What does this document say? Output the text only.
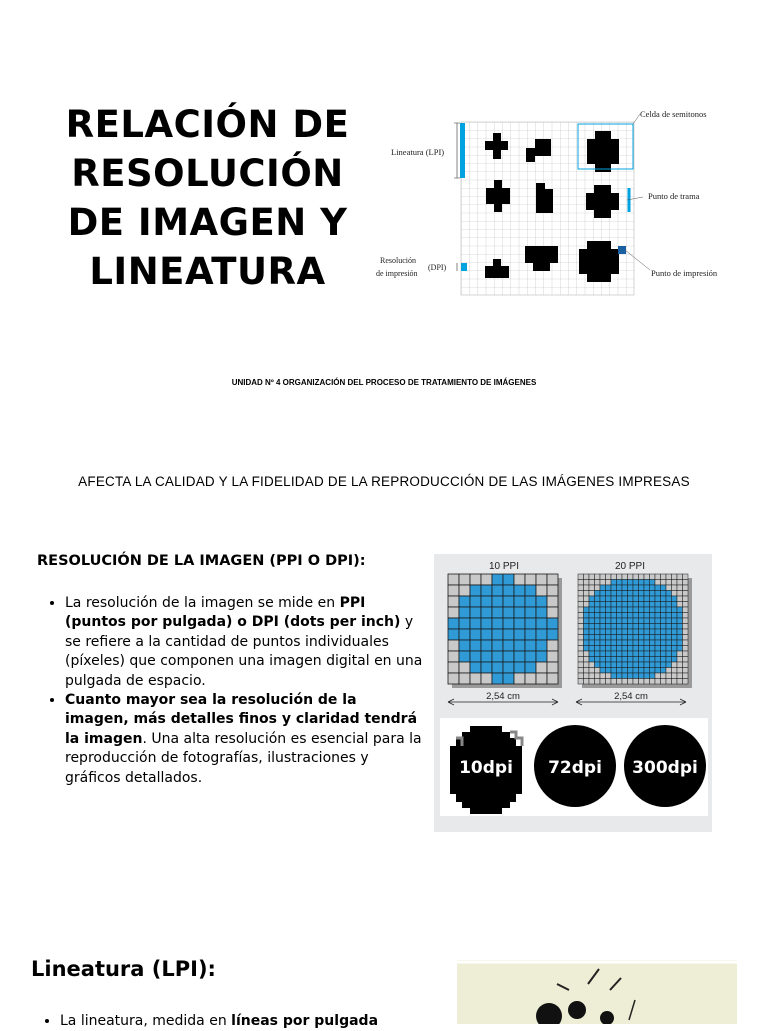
RELACIÓN DE
RESOLUCIÓN
DE IMAGEN Y
LINEATURA
Celda de semitonos
Lineatura (LPI)
Punto de trama
Resolución
de impresión
(DPI)
Punto de impresión

UNIDAD Nº 4 ORGANIZACIÓN DEL PROCESO DE TRATAMIENTO DE IMÁGENES

AFECTA LA CALIDAD Y LA FIDELIDAD DE LA REPRODUCCIÓN DE LAS IMÁGENES IMPRESAS

RESOLUCIÓN DE LA IMAGEN (PPI O DPI):
• La resolución de la imagen se mide en PPI (puntos por pulgada) o DPI (dots per inch) y se refiere a la cantidad de puntos individuales (píxeles) que componen una imagen digital en una pulgada de espacio.
• Cuanto mayor sea la resolución de la imagen, más detalles finos y claridad tendrá la imagen. Una alta resolución es esencial para la reproducción de fotografías, ilustraciones y gráficos detallados.
10 PPI	20 PPI
2,54 cm	2,54 cm
10dpi 72dpi 300dpi
Lineatura (LPI):
• La lineatura, medida en líneas por pulgada
